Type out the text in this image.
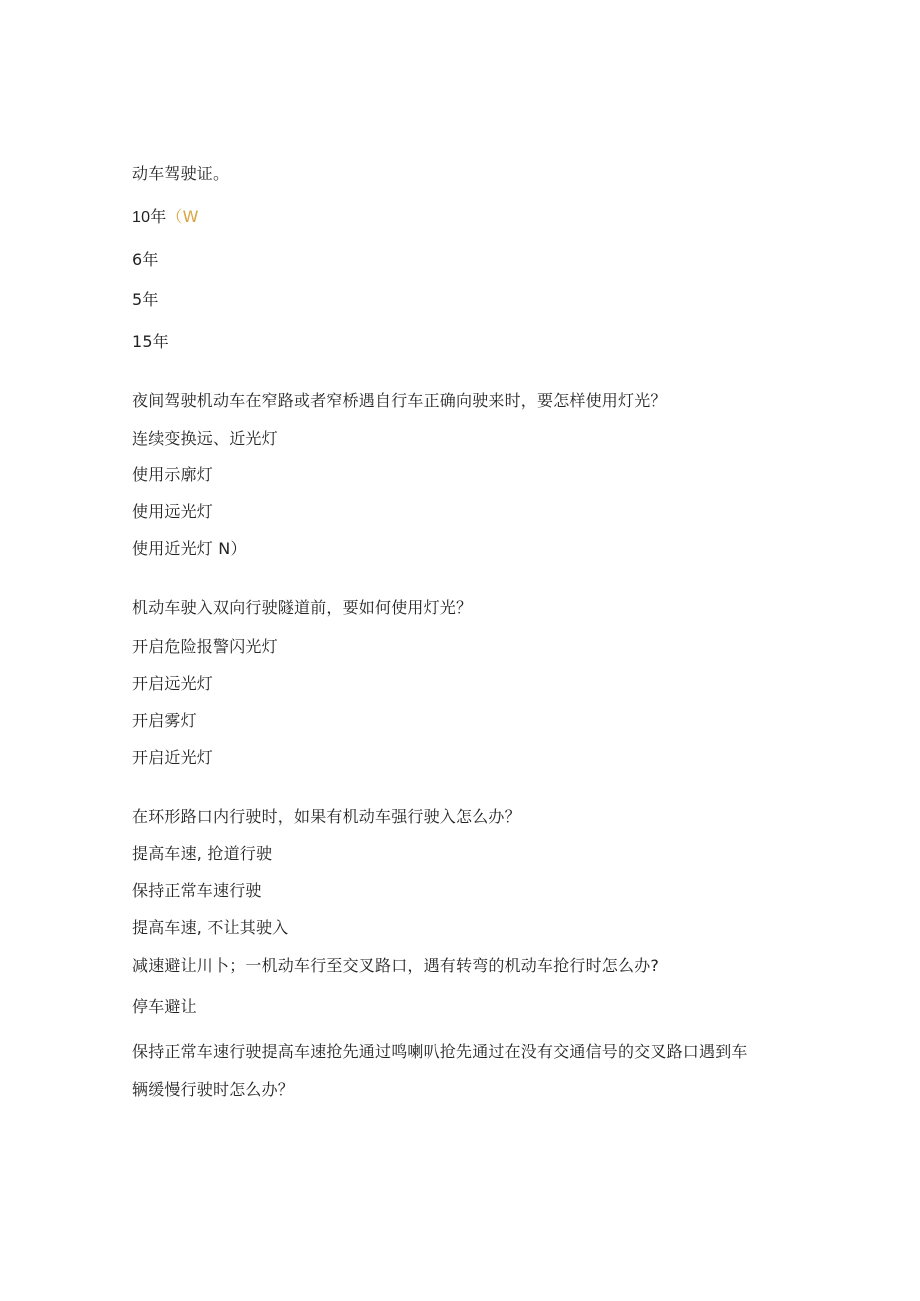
动车驾驶证。
10年（W
6年
5年
15年
夜间驾驶机动车在窄路或者窄桥遇自行车正确向驶来时，要怎样使用灯光？
连续变换远、近光灯
使用示廓灯
使用远光灯
使用近光灯 N）
机动车驶入双向行驶隧道前，要如何使用灯光？
开启危险报警闪光灯
开启远光灯
开启雾灯
开启近光灯
在环形路口内行驶时，如果有机动车强行驶入怎么办？
提高车速, 抢道行驶
保持正常车速行驶
提高车速, 不让其驶入
减速避让川卜；一机动车行至交叉路口，遇有转弯的机动车抢行时怎么办?
停车避让
保持正常车速行驶提高车速抢先通过鸣喇叭抢先通过在没有交通信号的交叉路口遇到车
辆缓慢行驶时怎么办？
